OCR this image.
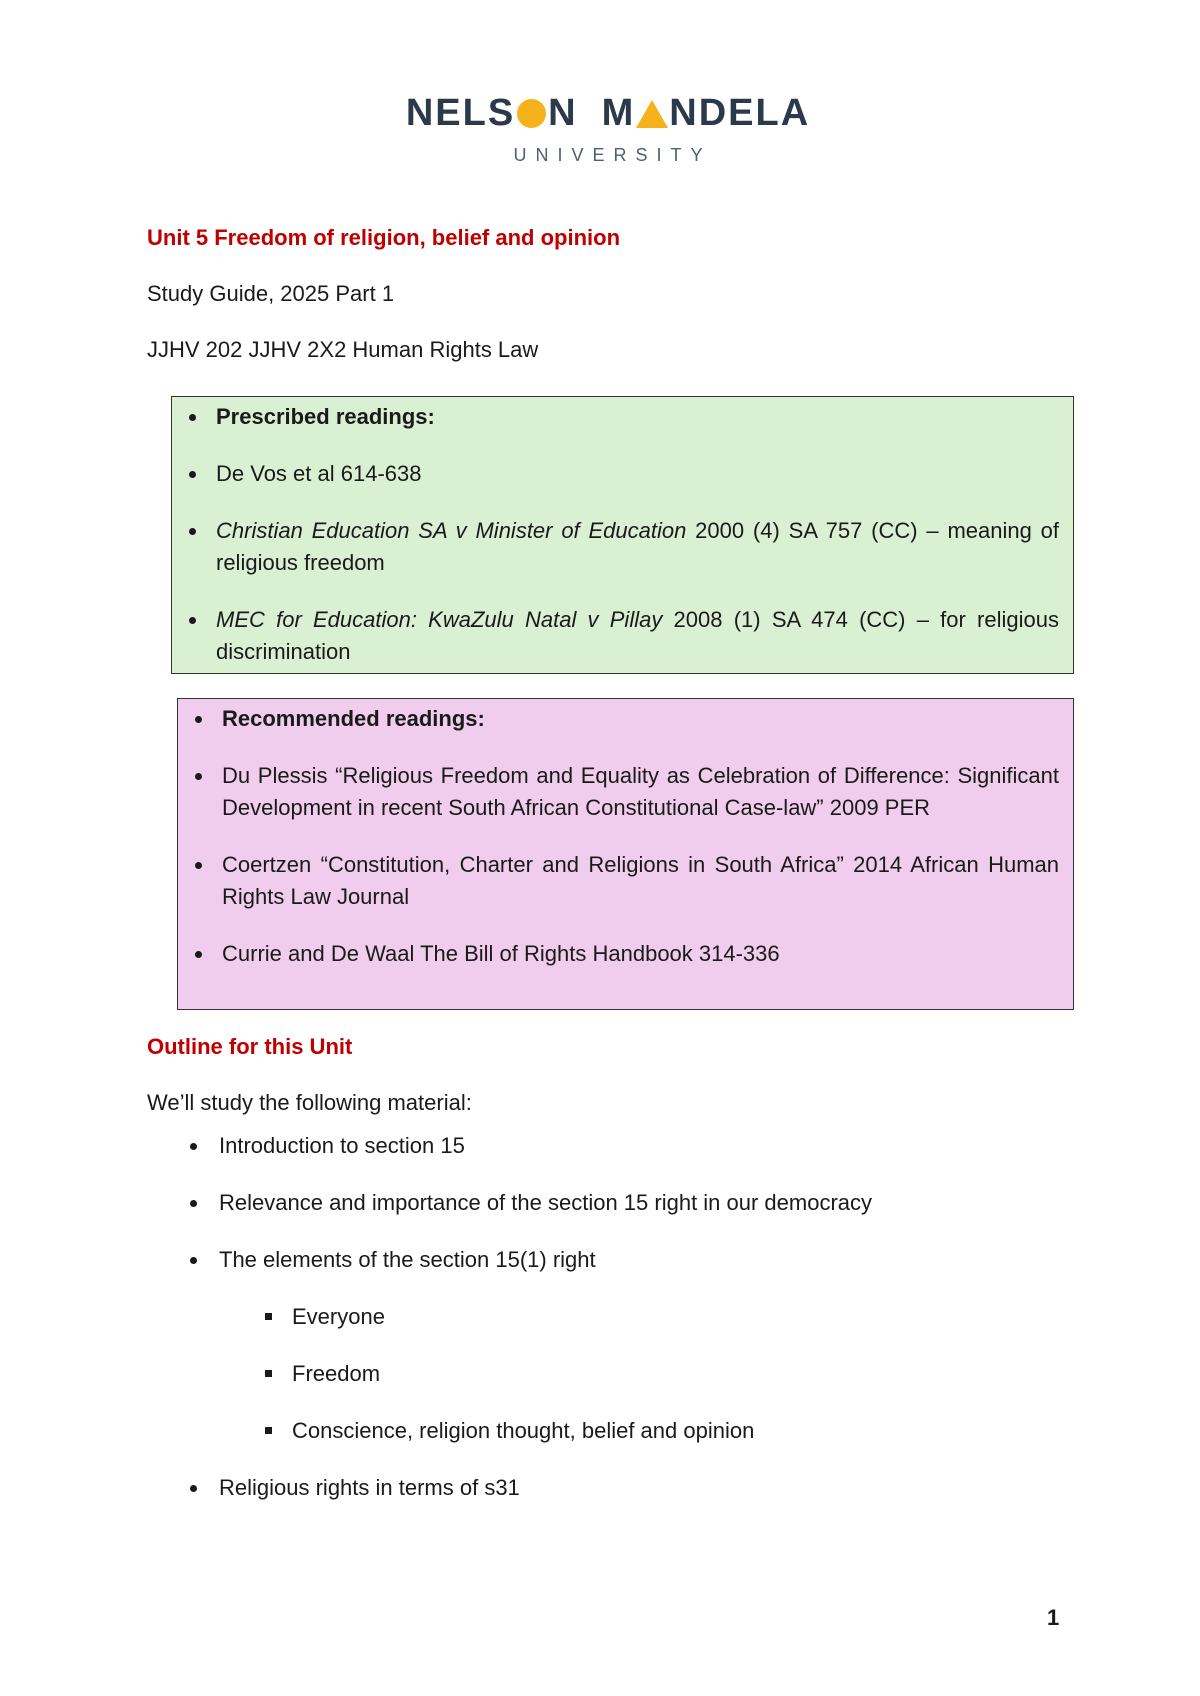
NELS N M NDELA
UNIVERSITY
Unit 5 Freedom of religion, belief and opinion
Study Guide, 2025 Part 1
JJHV 202 JJHV 2X2 Human Rights Law
Prescribed readings:
De Vos et al 614-638
Christian Education SA v Minister of Education 2000 (4) SA 757 (CC) – meaning of religious freedom
MEC for Education: KwaZulu Natal v Pillay 2008 (1) SA 474 (CC) – for religious discrimination
Recommended readings:
Du Plessis “Religious Freedom and Equality as Celebration of Difference: Significant Development in recent South African Constitutional Case-law” 2009 PER
Coertzen “Constitution, Charter and Religions in South Africa” 2014 African Human Rights Law Journal
Currie and De Waal The Bill of Rights Handbook 314-336
Outline for this Unit
We’ll study the following material:
Introduction to section 15
Relevance and importance of the section 15 right in our democracy
The elements of the section 15(1) right
Everyone
Freedom
Conscience, religion thought, belief and opinion
Religious rights in terms of s31
1
